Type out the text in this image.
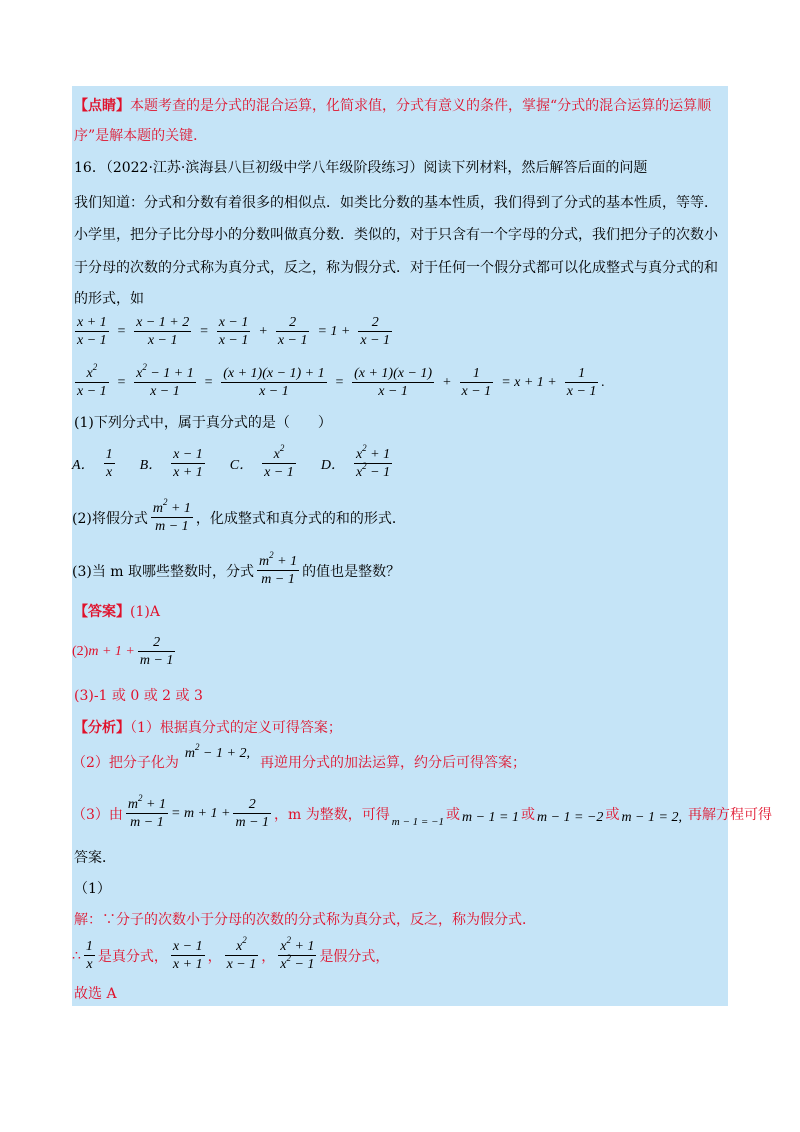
【点睛】本题考查的是分式的混合运算，化简求值，分式有意义的条件，掌握“分式的混合运算的运算顺
序”是解本题的关键．
16．（2022·江苏·滨海县八巨初级中学八年级阶段练习）阅读下列材料，然后解答后面的问题
我们知道：分式和分数有着很多的相似点．如类比分数的基本性质，我们得到了分式的基本性质，等等．
小学里，把分子比分母小的分数叫做真分数．类似的，对于只含有一个字母的分式，我们把分子的次数小
于分母的次数的分式称为真分式，反之，称为假分式．对于任何一个假分式都可以化成整式与真分式的和
的形式，如
$\frac{x + 1}{x - 1} = \frac{x - 1 + 2}{x - 1} = \frac{x - 1}{x - 1} + \frac{2}{x - 1} = 1 + \frac{2}{x - 1}$
$\frac{x^2}{x - 1} = \frac{x^2 - 1 + 1}{x - 1} = \frac{(x + 1)(x - 1) + 1}{x - 1} = \frac{(x + 1)(x - 1)}{x - 1} + \frac{1}{x - 1} = x + 1 + \frac{1}{x - 1}$ .
(1)下列分式中，属于真分式的是（　　）
A． $\frac{1}{x}$ B． $\frac{x - 1}{x + 1}$ C． $\frac{x^2}{x - 1}$ D． $\frac{x^2 + 1}{x^2 - 1}$
(2)将假分式 $\frac{m^2 + 1}{m - 1}$ ，化成整式和真分式的和的形式．
(3)当 m 取哪些整数时，分式 $\frac{m^2 + 1}{m - 1}$ 的值也是整数？
【答案】(1)A
(2) $m + 1 + \frac{2}{m - 1}$
(3)-1 或 0 或 2 或 3
【分析】（1）根据真分式的定义可得答案；
（2）把分子化为
$m^2 - 1 + 2$,
再逆用分式的加法运算，约分后可得答案；
（3）由 $\frac{m^2 + 1}{m - 1} = m + 1 + \frac{2}{m - 1}$ ，m 为整数，可得 m − 1 = −1 或 m − 1 = 1 或 m − 1 = −2 或 m − 1 = 2, 再解方程可得
答案．
（1）
解：∵分子的次数小于分母的次数的分式称为真分式，反之，称为假分式．
∴ $\frac{1}{x}$ 是真分式， $\frac{x - 1}{x + 1}$ ， $\frac{x^2}{x - 1}$ ， $\frac{x^2 + 1}{x^2 - 1}$ 是假分式，
故选 A
